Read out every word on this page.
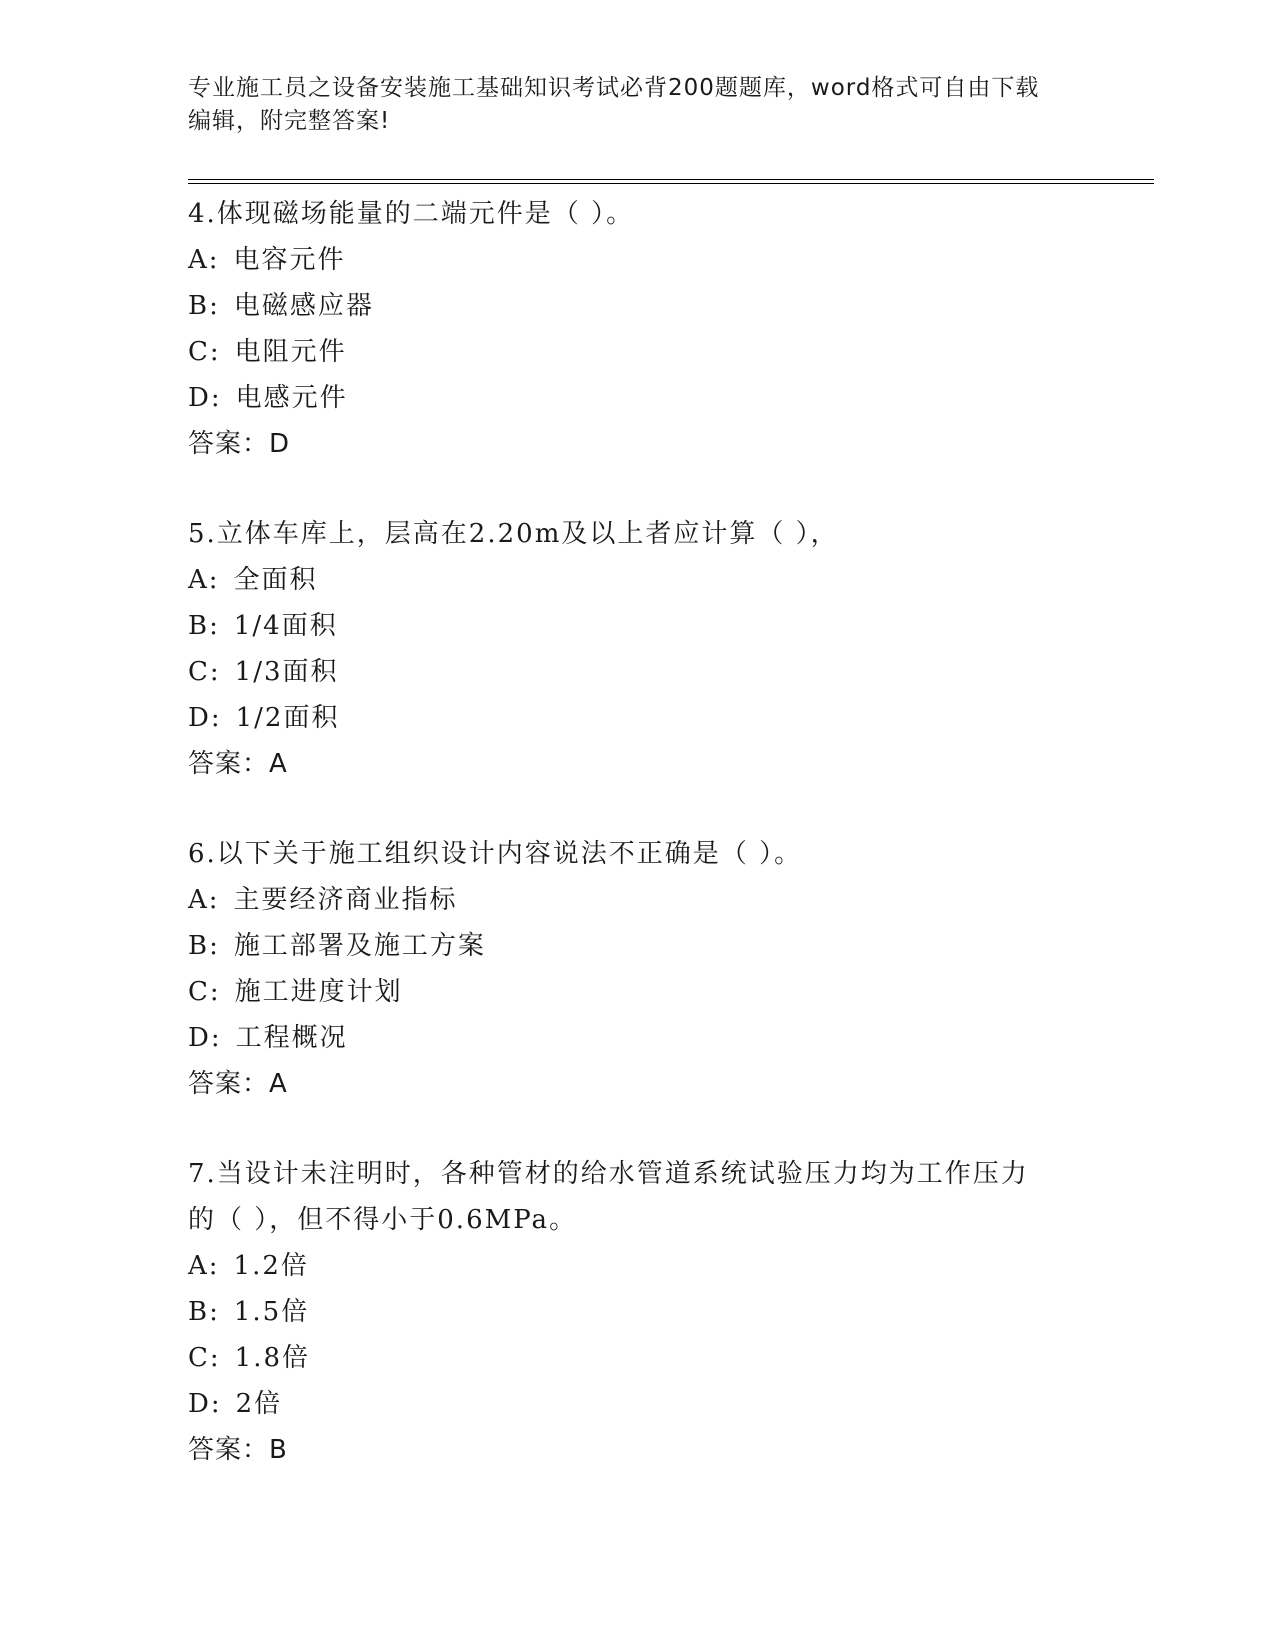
专业施工员之设备安装施工基础知识考试必背200题题库，word格式可自由下载
编辑，附完整答案!
4.体现磁场能量的二端元件是（ ）。
A: 电容元件
B: 电磁感应器
C: 电阻元件
D: 电感元件
答案：D
5.立体车库上，层高在2.20m及以上者应计算（ ），
A: 全面积
B: 1/4面积
C: 1/3面积
D: 1/2面积
答案：A
6.以下关于施工组织设计内容说法不正确是（ ）。
A: 主要经济商业指标
B: 施工部署及施工方案
C: 施工进度计划
D: 工程概况
答案：A
7.当设计未注明时，各种管材的给水管道系统试验压力均为工作压力
的（ ），但不得小于0.6MPa。
A: 1.2倍
B: 1.5倍
C: 1.8倍
D: 2倍
答案：B
